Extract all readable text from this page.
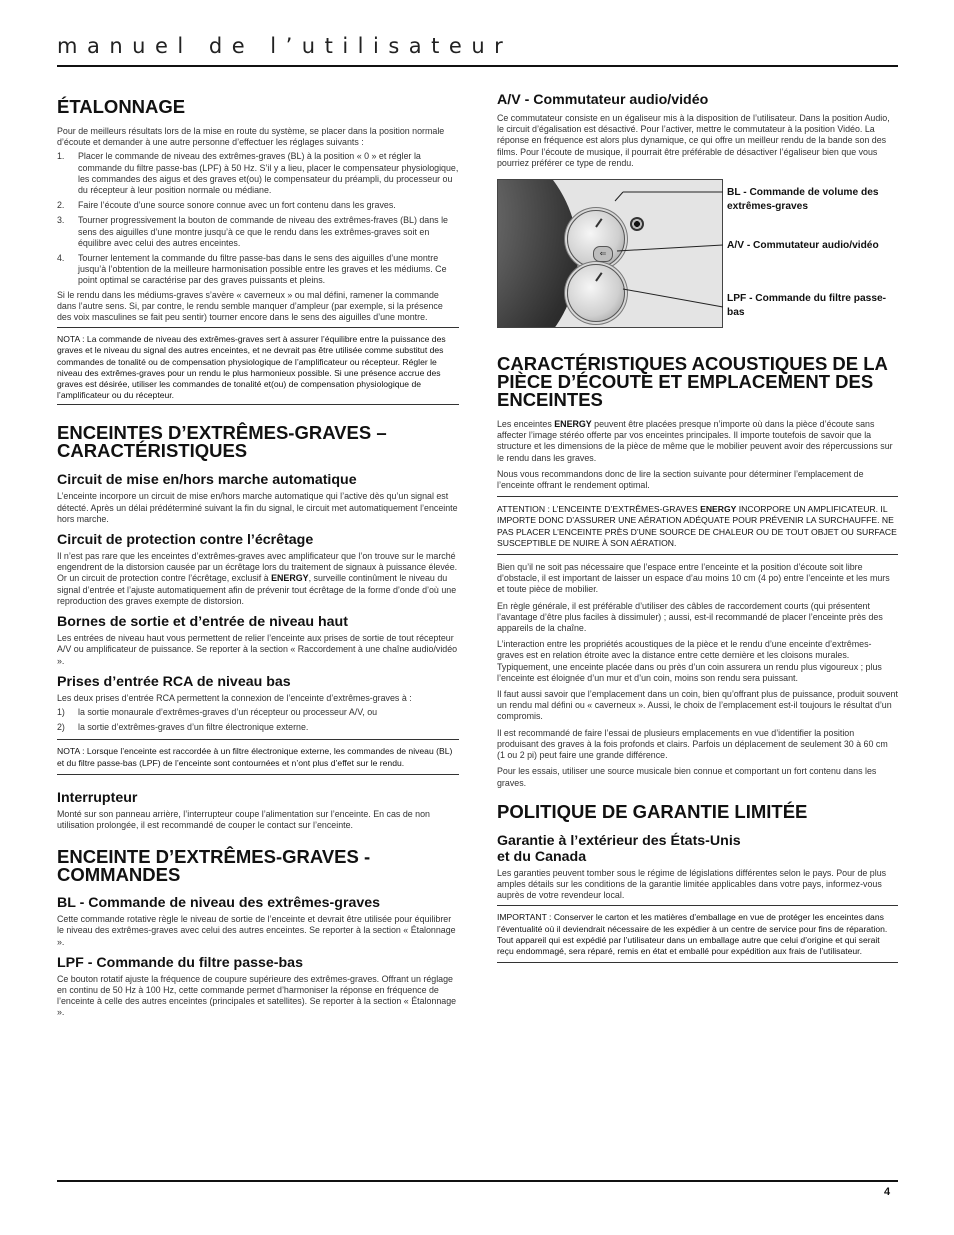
manuel de l’utilisateur
ÉTALONNAGE

Pour de meilleurs résultats lors de la mise en route du système, se placer dans la position normale d’écoute et demander à une autre personne d’effectuer les réglages suivants :

1. Placer le commande de niveau des extrêmes-graves (BL) à la position « 0 » et régler la commande du filtre passe-bas (LPF) à 50 Hz. S’il y a lieu, placer le compensateur physiologique, les commandes des aigus et des graves et(ou) le compensateur du préampli, du processeur ou du récepteur à leur position normale ou médiane.
2. Faire l’écoute d’une source sonore connue avec un fort contenu dans les graves.
3. Tourner progressivement la bouton de commande de niveau des extrêmes-fraves (BL) dans le sens des aiguilles d’une montre jusqu’à ce que le rendu dans les extrêmes-graves soit en équilibre avec celui des autres enceintes.
4. Tourner lentement la commande du filtre passe-bas dans le sens des aiguilles d’une montre jusqu’à l’obtention de la meilleure harmonisation possible entre les graves et les médiums. Ce point optimal se caractérise par des graves puissants et pleins.

Si le rendu dans les médiums-graves s’avère « caverneux » ou mal défini, ramener la commande dans l’autre sens. Si, par contre, le rendu semble manquer d’ampleur (par exemple, si la présence des voix masculines se fait peu sentir) tourner encore dans le sens des aiguilles d’une montre.

NOTA : La commande de niveau des extrêmes-graves sert à assurer l’équilibre entre la puissance des graves et le niveau du signal des autres enceintes, et ne devrait pas être utilisée comme substitut des commandes de tonalité ou de compensation physiologique de l’amplificateur ou récepteur. Régler le niveau des extrêmes-graves pour un rendu le plus harmonieux possible. Si une présence accrue des graves est désirée, utiliser les commandes de tonalité et(ou) de compensation physiologique de l’amplificateur ou du récepteur.

ENCEINTES D’EXTRÊMES-GRAVES – CARACTÉRISTIQUES
Circuit de mise en/hors marche automatique

L’enceinte incorpore un circuit de mise en/hors marche automatique qui l’active dès qu’un signal est détecté. Après un délai prédéterminé suivant la fin du signal, le circuit met automatiquement l’enceinte hors marche.

Circuit de protection contre l’écrêtage

Il n’est pas rare que les enceintes d’extrêmes-graves avec amplificateur que l’on trouve sur le marché engendrent de la distorsion causée par un écrêtage lors du traitement de signaux à puissance élevée. Or un circuit de protection contre l’écrêtage, exclusif à ENERGY, surveille continûment le niveau du signal d’entrée et l’ajuste automatiquement afin de prévenir tout écrêtage de la forme d’onde d’où une reproduction des graves exempte de distorsion.

Bornes de sortie et d’entrée de niveau haut

Les entrées de niveau haut vous permettent de relier l’enceinte aux prises de sortie de tout récepteur A/V ou amplificateur de puissance. Se reporter à la section « Raccordement à une chaîne audio/vidéo ».

Prises d’entrée RCA de niveau bas

Les deux prises d’entrée RCA permettent la connexion de l’enceinte d’extrêmes-graves à :

1) la sortie monaurale d’extrêmes-graves d’un récepteur ou processeur A/V, ou
2) la sortie d’extrêmes-graves d’un filtre électronique externe.

NOTA : Lorsque l’enceinte est raccordée à un filtre électronique externe, les commandes de niveau (BL) et du filtre passe-bas (LPF) de l’enceinte sont contournées et n’ont plus d’effet sur le rendu.

Interrupteur

Monté sur son panneau arrière, l’interrupteur coupe l’alimentation sur l’enceinte. En cas de non utilisation prolongée, il est recommandé de couper le contact sur l’enceinte.

ENCEINTE D’EXTRÊMES-GRAVES - COMMANDES
BL - Commande de niveau des extrêmes-graves

Cette commande rotative règle le niveau de sortie de l’enceinte et devrait être utilisée pour équilibrer le niveau des extrêmes-graves avec celui des autres enceintes. Se reporter à la section « Étalonnage ».

LPF - Commande du filtre passe-bas

Ce bouton rotatif ajuste la fréquence de coupure supérieure des extrêmes-graves. Offrant un réglage en continu de 50 Hz à 100 Hz, cette commande permet d’harmoniser la réponse en fréquence de l’enceinte à celle des autres enceintes (principales et satellites). Se reporter à la section « Étalonnage ».

A/V - Commutateur audio/vidéo

Ce commutateur consiste en un égaliseur mis à la disposition de l’utilisateur. Dans la position Audio, le circuit d’égalisation est désactivé. Pour l’activer, mettre le commutateur à la position Vidéo. La réponse en fréquence est alors plus dynamique, ce qui offre un meilleur rendu de la bande son des films. Pour l’écoute de musique, il pourrait être préférable de désactiver l’égaliseur bien que vous pourriez préférer ce type de rendu.

⇐
BL - Commande de volume des extrêmes-graves
A/V - Commutateur audio/vidéo
LPF - Commande du filtre passe-bas
CARACTÉRISTIQUES ACOUSTIQUES DE LA PIÈCE D’ÉCOUTE ET EMPLACEMENT DES ENCEINTES

Les enceintes ENERGY peuvent être placées presque n’importe où dans la pièce d’écoute sans affecter l’image stéréo offerte par vos enceintes principales. Il importe toutefois de savoir que la structure et les dimensions de la pièce de même que le mobilier peuvent avoir des répercussions sur le rendu dans les graves.

Nous vous recommandons donc de lire la section suivante pour déterminer l’emplacement de l’enceinte offrant le rendement optimal.

ATTENTION : L’ENCEINTE D’EXTRÊMES-GRAVES ENERGY INCORPORE UN AMPLIFICATEUR. IL IMPORTE DONC D’ASSURER UNE AÉRATION ADÉQUATE POUR PRÉVENIR LA SURCHAUFFE. NE PAS PLACER L’ENCEINTE PRÈS D’UNE SOURCE DE CHALEUR OU DE TOUT OBJET OU SURFACE SUSCEPTIBLE DE NUIRE À SON AÉRATION.

Bien qu’il ne soit pas nécessaire que l’espace entre l’enceinte et la position d’écoute soit libre d’obstacle, il est important de laisser un espace d’au moins 10 cm (4 po) entre l’enceinte et les murs et toute pièce de mobilier.

En règle générale, il est préférable d’utiliser des câbles de raccordement courts (qui présentent l’avantage d’être plus faciles à dissimuler) ; aussi, est-il recommandé de placer l’enceinte près des appareils de la chaîne.

L’interaction entre les propriétés acoustiques de la pièce et le rendu d’une enceinte d’extrêmes- graves est en relation étroite avec la distance entre cette dernière et les cloisons murales. Typiquement, une enceinte placée dans ou près d’un coin assurera un rendu plus vigoureux ; plus l’enceinte est éloignée d’un mur et d’un coin, moins son rendu sera puissant.

Il faut aussi savoir que l’emplacement dans un coin, bien qu’offrant plus de puissance, produit souvent un rendu mal défini ou « caverneux ». Aussi, le choix de l’emplacement est-il toujours le résultat d’un compromis.

Il est recommandé de faire l’essai de plusieurs emplacements en vue d’identifier la position produisant des graves à la fois profonds et clairs. Parfois un déplacement de seulement 30 à 60 cm (1 ou 2 pi) peut faire une grande différence.

Pour les essais, utiliser une source musicale bien connue et comportant un fort contenu dans les graves.

POLITIQUE DE GARANTIE LIMITÉE
Garantie à l’extérieur des États-Unis
et du Canada

Les garanties peuvent tomber sous le régime de législations différentes selon le pays. Pour de plus amples détails sur les conditions de la garantie limitée applicables dans votre pays, informez-vous auprès de votre revendeur local.

IMPORTANT : Conserver le carton et les matières d’emballage en vue de protéger les enceintes dans l’éventualité où il deviendrait nécessaire de les expédier à un centre de service pour fins de réparation. Tout appareil qui est expédié par l’utilisateur dans un emballage autre que celui d’origine et qui serait reçu endommagé, sera réparé, remis en état et emballé pour expédition aux frais de l’utilisateur.

4
